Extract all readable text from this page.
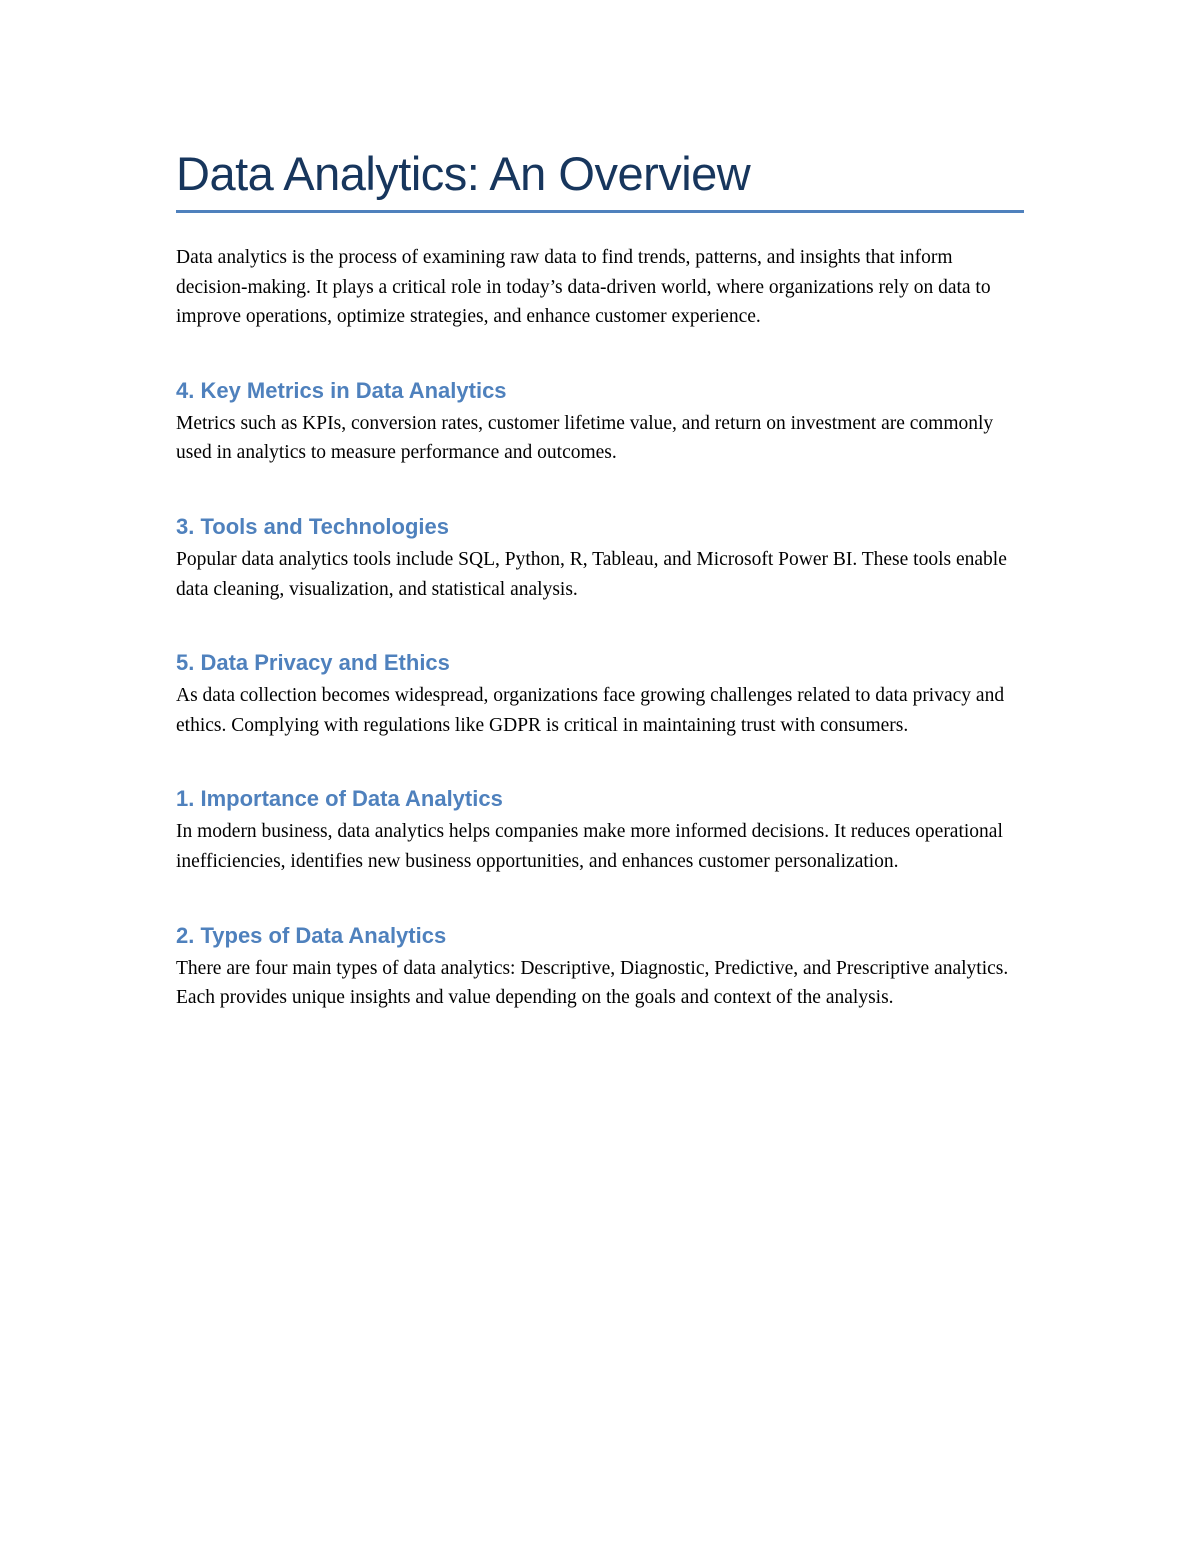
Data Analytics: An Overview

Data analytics is the process of examining raw data to find trends, patterns, and insights that inform decision-making. It plays a critical role in today’s data-driven world, where organizations rely on data to improve operations, optimize strategies, and enhance customer experience.

4. Key Metrics in Data Analytics

Metrics such as KPIs, conversion rates, customer lifetime value, and return on investment are commonly used in analytics to measure performance and outcomes.

3. Tools and Technologies

Popular data analytics tools include SQL, Python, R, Tableau, and Microsoft Power BI. These tools enable data cleaning, visualization, and statistical analysis.

5. Data Privacy and Ethics

As data collection becomes widespread, organizations face growing challenges related to data privacy and ethics. Complying with regulations like GDPR is critical in maintaining trust with consumers.

1. Importance of Data Analytics

In modern business, data analytics helps companies make more informed decisions. It reduces operational inefficiencies, identifies new business opportunities, and enhances customer personalization.

2. Types of Data Analytics

There are four main types of data analytics: Descriptive, Diagnostic, Predictive, and Prescriptive analytics. Each provides unique insights and value depending on the goals and context of the analysis.
